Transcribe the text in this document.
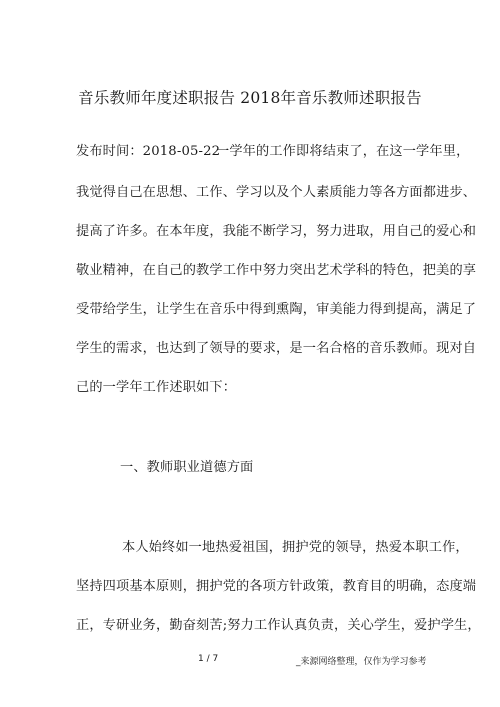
音乐教师年度述职报告 2018年音乐教师述职报告
发布时间：2018-05-22一学年的工作即将结束了，在这一学年里，
我觉得自己在思想、工作、学习以及个人素质能力等各方面都进步、
提高了许多。在本年度，我能不断学习，努力进取，用自己的爱心和
敬业精神，在自己的教学工作中努力突出艺术学科的特色，把美的享
受带给学生，让学生在音乐中得到熏陶，审美能力得到提高，满足了
学生的需求，也达到了领导的要求，是一名合格的音乐教师。现对自
己的一学年工作述职如下：
一、教师职业道德方面
本人始终如一地热爱祖国，拥护党的领导，热爱本职工作，
坚持四项基本原则，拥护党的各项方针政策，教育目的明确，态度端
正，专研业务，勤奋刻苦;努力工作认真负责，关心学生，爱护学生，
1 / 7	_来源网络整理，仅作为学习参考
